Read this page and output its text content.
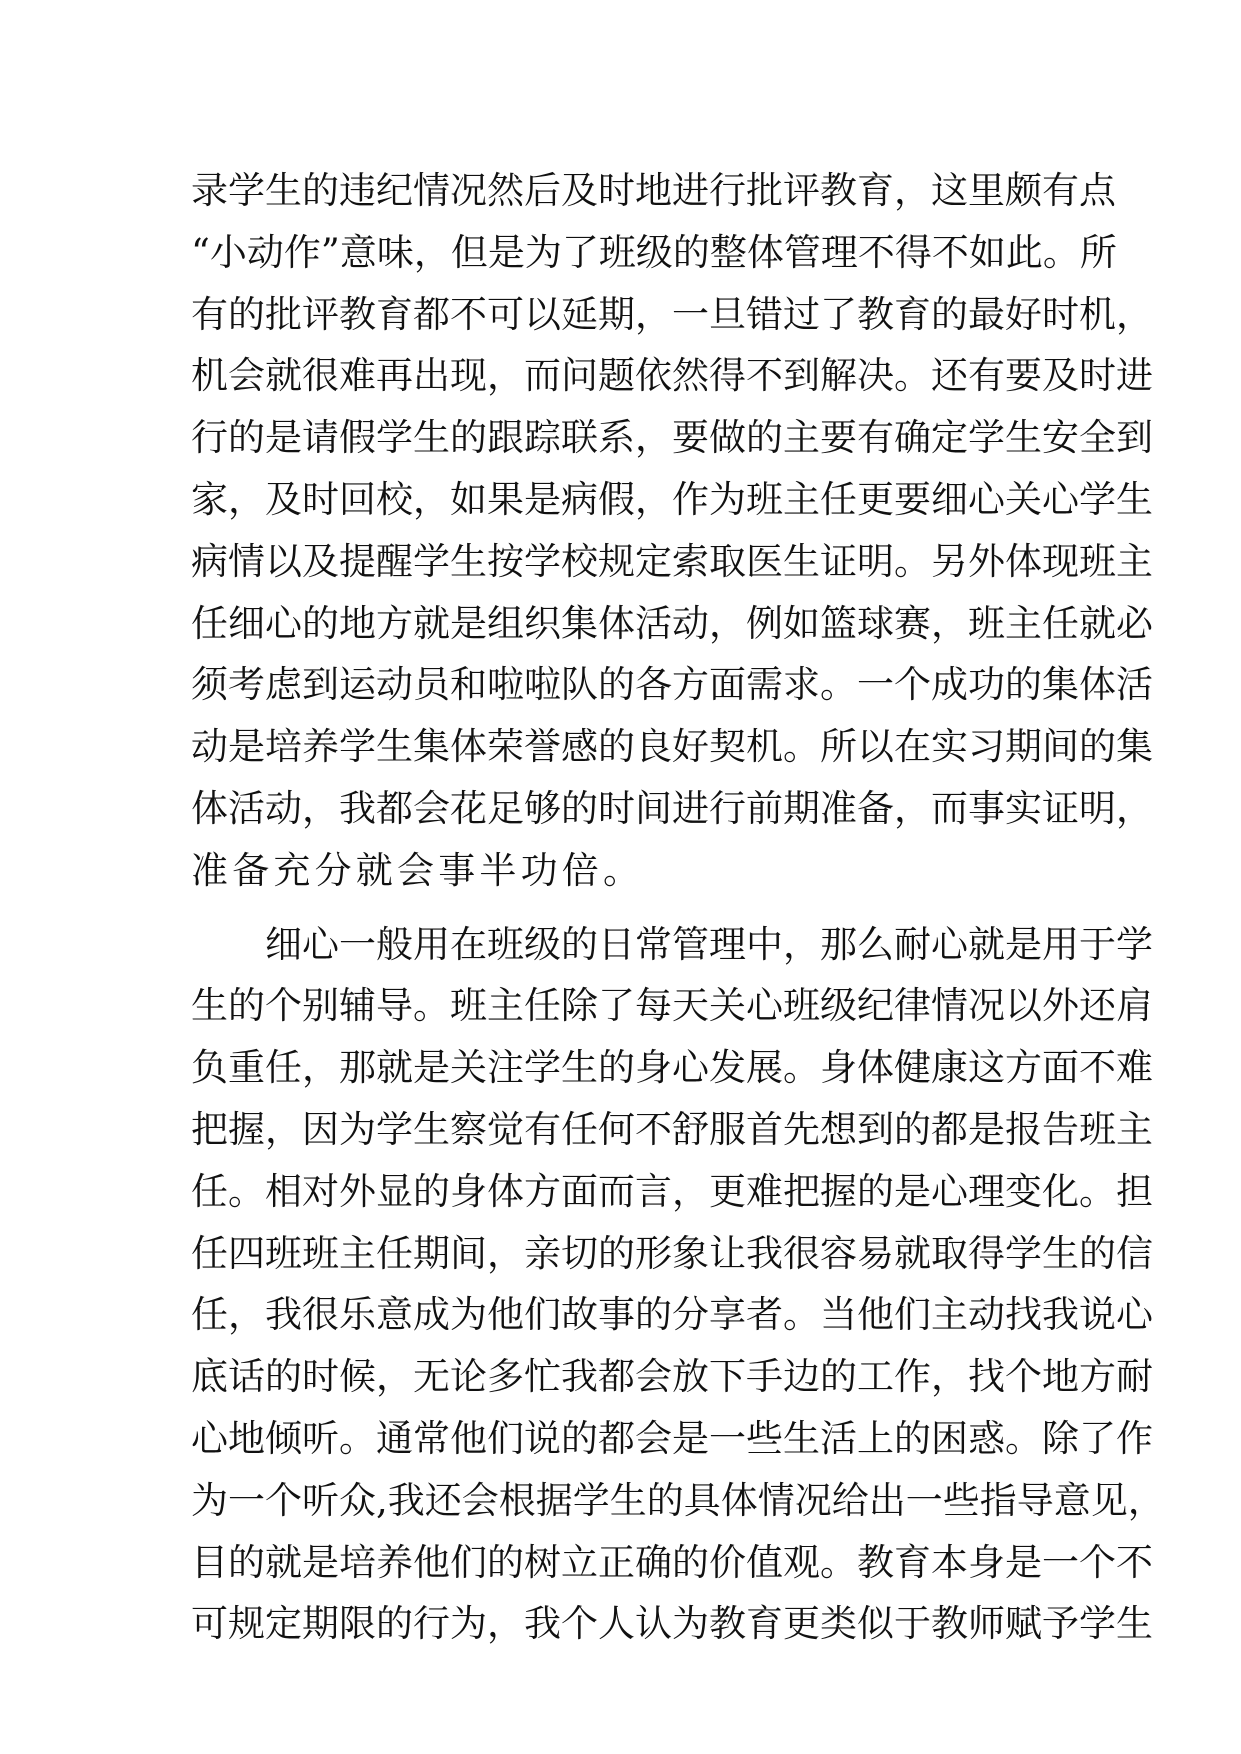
录学生的违纪情况然后及时地进行批评教育，这里颇有点
“小动作”意味，但是为了班级的整体管理不得不如此。所
有的批评教育都不可以延期，一旦错过了教育的最好时机，
机会就很难再出现，而问题依然得不到解决。还有要及时进
行的是请假学生的跟踪联系，要做的主要有确定学生安全到
家，及时回校，如果是病假，作为班主任更要细心关心学生
病情以及提醒学生按学校规定索取医生证明。另外体现班主
任细心的地方就是组织集体活动，例如篮球赛，班主任就必
须考虑到运动员和啦啦队的各方面需求。一个成功的集体活
动是培养学生集体荣誉感的良好契机。所以在实习期间的集
体活动，我都会花足够的时间进行前期准备，而事实证明，
准备充分就会事半功倍。
细心一般用在班级的日常管理中，那么耐心就是用于学
生的个别辅导。班主任除了每天关心班级纪律情况以外还肩
负重任，那就是关注学生的身心发展。身体健康这方面不难
把握，因为学生察觉有任何不舒服首先想到的都是报告班主
任。相对外显的身体方面而言，更难把握的是心理变化。担
任四班班主任期间，亲切的形象让我很容易就取得学生的信
任，我很乐意成为他们故事的分享者。当他们主动找我说心
底话的时候，无论多忙我都会放下手边的工作，找个地方耐
心地倾听。通常他们说的都会是一些生活上的困惑。除了作
为一个听众,我还会根据学生的具体情况给出一些指导意见，
目的就是培养他们的树立正确的价值观。教育本身是一个不
可规定期限的行为，我个人认为教育更类似于教师赋予学生
